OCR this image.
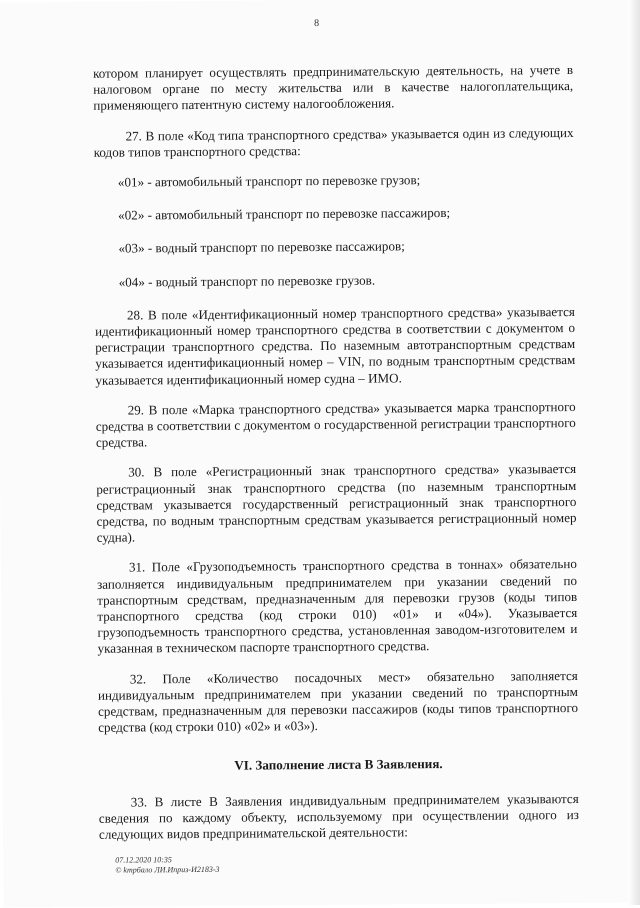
8

котором планирует осуществлять предпринимательскую деятельность, на учете в налоговом органе по месту жительства или в качестве налогоплательщика, применяющего патентную систему налогообложения.

27. В поле «Код типа транспортного средства» указывается один из следующих кодов типов транспортного средства:

«01» - автомобильный транспорт по перевозке грузов;
«02» - автомобильный транспорт по перевозке пассажиров;
«03» - водный транспорт по перевозке пассажиров;
«04» - водный транспорт по перевозке грузов.

28. В поле «Идентификационный номер транспортного средства» указывается идентификационный номер транспортного средства в соответствии с документом о регистрации транспортного средства. По наземным автотранспортным средствам указывается идентификационный номер – VIN, по водным транспортным средствам указывается идентификационный номер судна – ИМО.

29. В поле «Марка транспортного средства» указывается марка транспортного средства в соответствии с документом о государственной регистрации транспортного средства.

30. В поле «Регистрационный знак транспортного средства» указывается регистрационный знак транспортного средства (по наземным транспортным средствам указывается государственный регистрационный знак транспортного средства, по водным транспортным средствам указывается регистрационный номер судна).

31. Поле «Грузоподъемность транспортного средства в тоннах» обязательно заполняется индивидуальным предпринимателем при указании сведений по транспортным средствам, предназначенным для перевозки грузов (коды типов транспортного средства (код строки 010) «01» и «04»). Указывается грузоподъемность транспортного средства, установленная заводом-изготовителем и указанная в техническом паспорте транспортного средства.

32. Поле «Количество посадочных мест» обязательно заполняется индивидуальным предпринимателем при указании сведений по транспортным средствам, предназначенным для перевозки пассажиров (коды типов транспортного средства (код строки 010) «02» и «03»).

VI. Заполнение листа В Заявления.

33. В листе В Заявления индивидуальным предпринимателем указываются сведения по каждому объекту, используемому при осуществлении одного из следующих видов предпринимательской деятельности:

07.12.2020 10:35
© kmpбало ЛИ.Иприз-И2183-3
